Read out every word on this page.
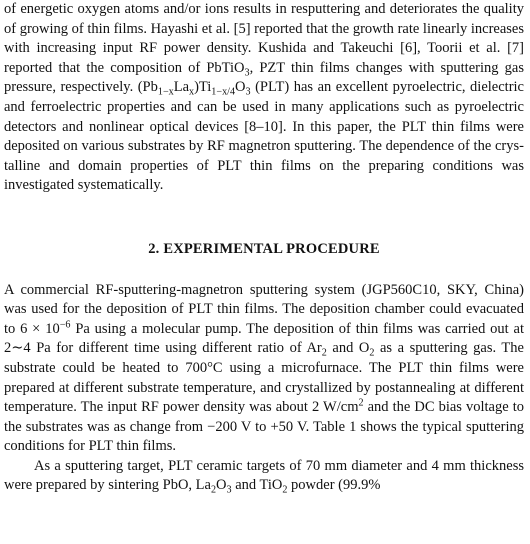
of energetic oxygen atoms and/or ions results in resputtering and deteriorates the quality of growing of thin films. Hayashi et al. [5] reported that the growth rate linearly increases with increasing input RF power density. Kushida and Takeuchi [6], Toorii et al. [7] reported that the composition of PbTiO$_3$, PZT thin films changes with sputtering gas pressure, respectively. $(Pb_{1-x}La_x)Ti_{1-x/4}O_3$ (PLT) has an excellent pyroelectric, dielectric and ferroelectric properties and can be used in many applications such as pyroelectric detectors and nonlinear optical devices [8–10]. In this paper, the PLT thin films were deposited on various substrates by RF magnetron sputtering. The dependence of the crystalline and domain properties of PLT thin films on the preparing conditions was investigated systematically.

2. EXPERIMENTAL PROCEDURE

A commercial RF-sputtering-magnetron sputtering system (JGP560C10, SKY, China) was used for the deposition of PLT thin films. The deposition chamber could evacuated to $6 \times 10^{-6}$ Pa using a molecular pump. The deposition of thin films was carried out at 2∼4 Pa for different time using different ratio of $Ar_2$ and $O_2$ as a sputtering gas. The substrate could be heated to 700°C using a microfurnace. The PLT thin films were prepared at different substrate temperature, and crystallized by postannealing at different temperature. The input RF power density was about 2 $W/cm^2$ and the DC bias voltage to the substrates was as change from −200 V to +50 V. Table 1 shows the typical sputtering conditions for PLT thin films.

As a sputtering target, PLT ceramic targets of 70 mm diameter and 4 mm thickness were prepared by sintering PbO, $La_2O_3$ and TiO$_2$ powder (99.9%
